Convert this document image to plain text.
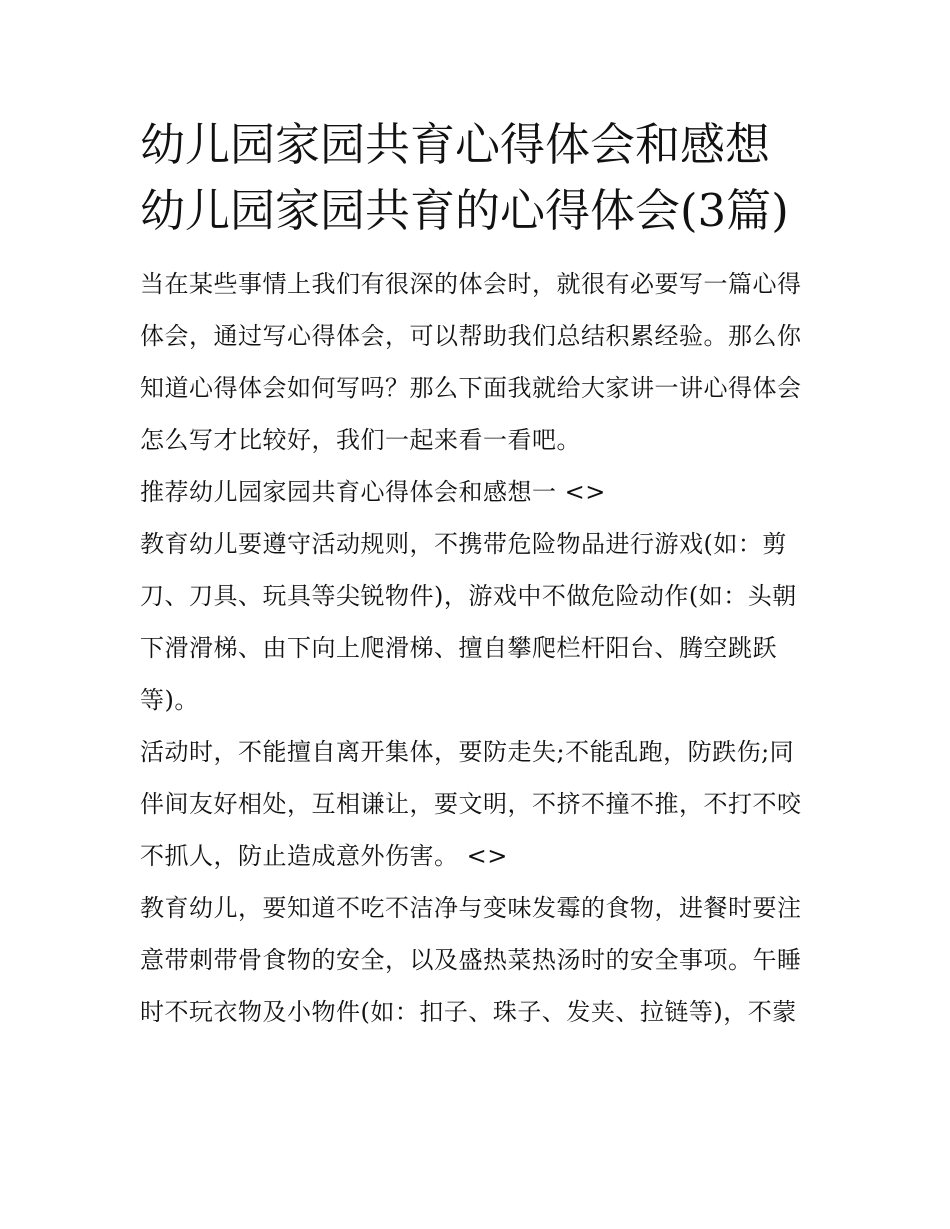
幼儿园家园共育心得体会和感想 幼儿园家园共育的心得体会(3篇)

当在某些事情上我们有很深的体会时，就很有必要写一篇心得体会，通过写心得体会，可以帮助我们总结积累经验。那么你知道心得体会如何写吗？那么下面我就给大家讲一讲心得体会怎么写才比较好，我们一起来看一看吧。

推荐幼儿园家园共育心得体会和感想一 <>

教育幼儿要遵守活动规则，不携带危险物品进行游戏(如：剪刀、刀具、玩具等尖锐物件)，游戏中不做危险动作(如：头朝下滑滑梯、由下向上爬滑梯、擅自攀爬栏杆阳台、腾空跳跃等)。

活动时，不能擅自离开集体，要防走失;不能乱跑，防跌伤;同伴间友好相处，互相谦让，要文明，不挤不撞不推，不打不咬不抓人，防止造成意外伤害。 <>

教育幼儿，要知道不吃不洁净与变味发霉的食物，进餐时要注意带刺带骨食物的安全，以及盛热菜热汤时的安全事项。午睡时不玩衣物及小物件(如：扣子、珠子、发夹、拉链等)，不蒙
